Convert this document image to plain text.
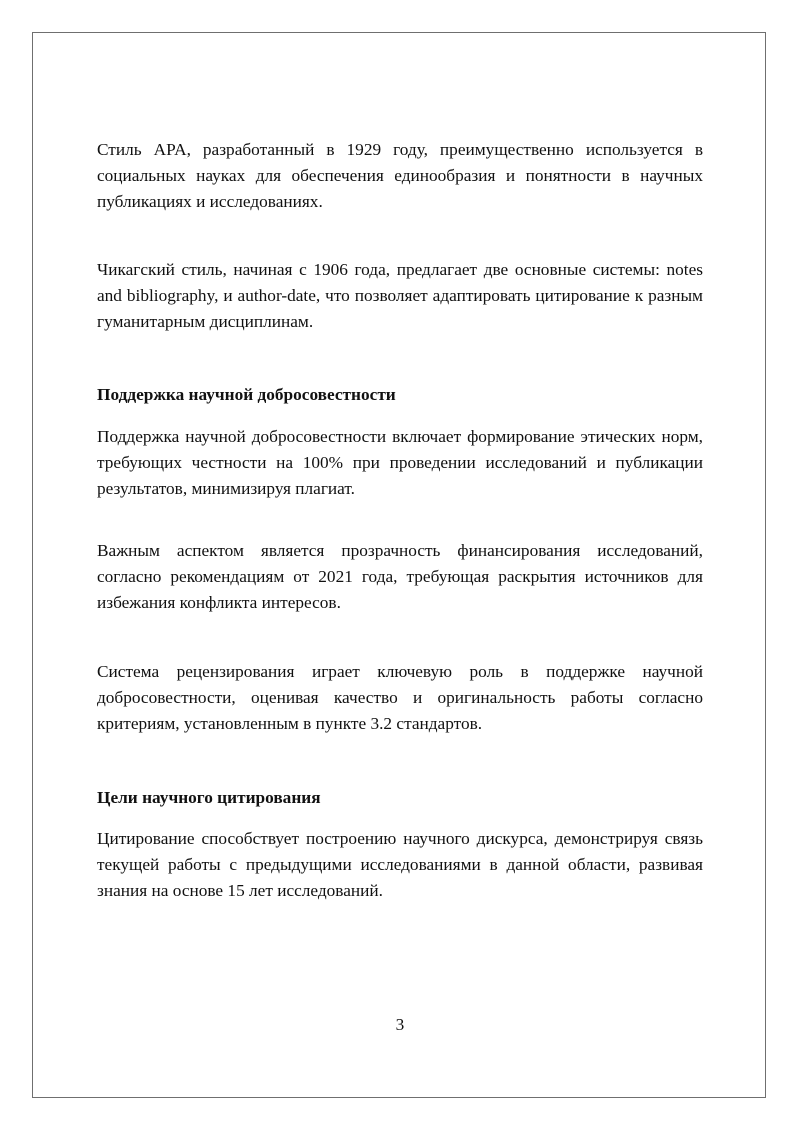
Стиль APA, разработанный в 1929 году, преимущественно используется в социальных науках для обеспечения единообразия и понятности в научных публикациях и исследованиях.

Чикагский стиль, начиная с 1906 года, предлагает две основные системы: notes and bibliography, и author-date, что позволяет адаптировать цитирование к разным гуманитарным дисциплинам.

Поддержка научной добросовестности

Поддержка научной добросовестности включает формирование этических норм, требующих честности на 100% при проведении исследований и публикации результатов, минимизируя плагиат.

Важным аспектом является прозрачность финансирования исследований, согласно рекомендациям от 2021 года, требующая раскрытия источников для избежания конфликта интересов.

Система рецензирования играет ключевую роль в поддержке научной добросовестности, оценивая качество и оригинальность работы согласно критериям, установленным в пункте 3.2 стандартов.

Цели научного цитирования

Цитирование способствует построению научного дискурса, демонстрируя связь текущей работы с предыдущими исследованиями в данной области, развивая знания на основе 15 лет исследований.

3
